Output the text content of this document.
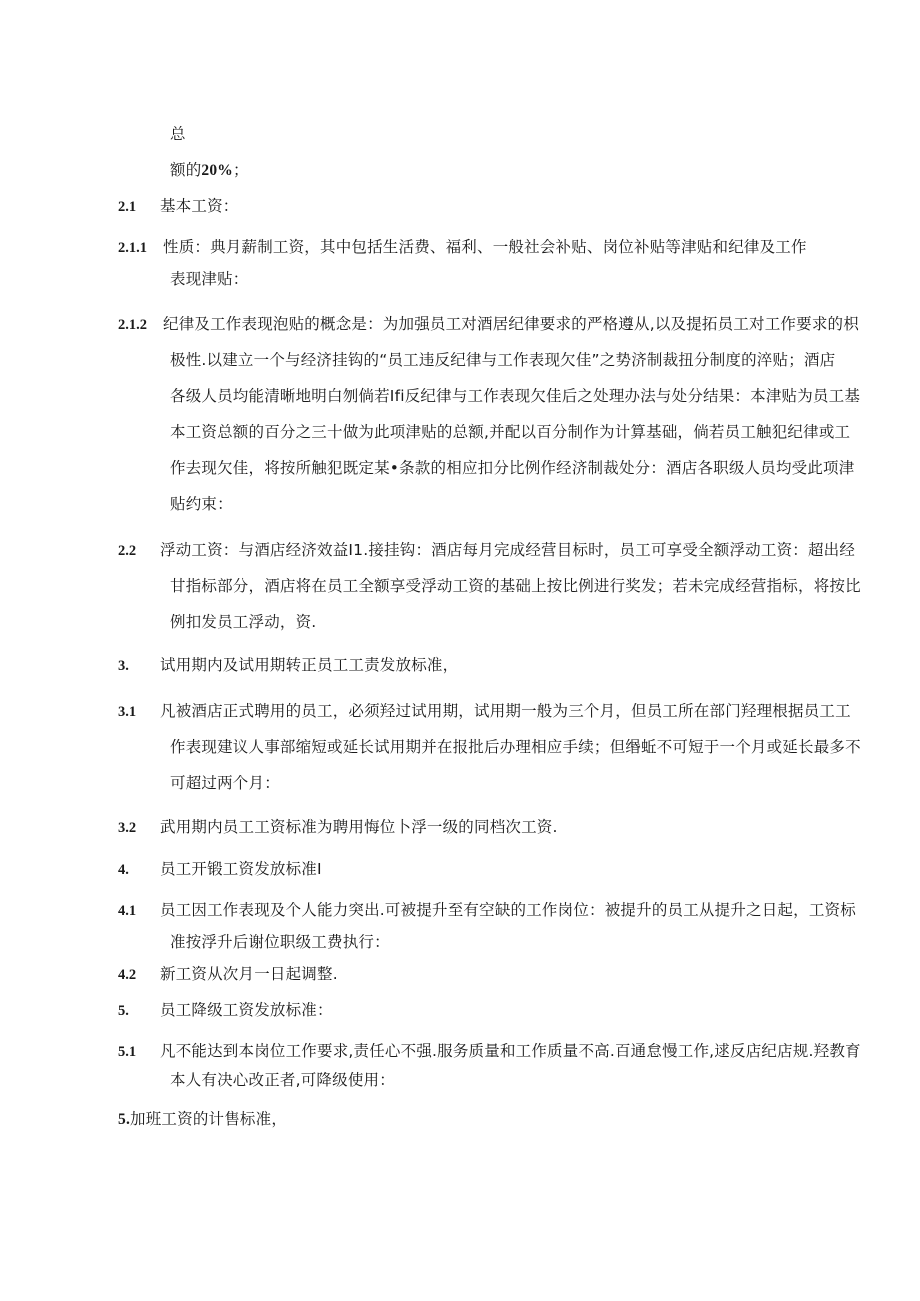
总
额的20%；
2.1 基本工资：
2.1.1 性质：典月薪制工资，其中包括生活费、福利、一般社会补贴、岗位补贴等津贴和纪律及工作
表现津贴：
2.1.2 纪律及工作表现泡贴的概念是：为加强员工对酒居纪律要求的严格遵从,以及提拓员工对工作要求的枳
极性.以建立一个与经济挂钩的“员工违反纪律与工作表现欠佳”之势济制裁扭分制度的淬贴；酒店
各级人员均能清晰地明白刎倘若Ifi反纪律与工作表现欠佳后之处理办法与处分结果：本津贴为员工基
本工资总额的百分之三十做为此项津贴的总额,并配以百分制作为计算基础，倘若员工触犯纪律或工
作去现欠佳，将按所触犯既定某•条款的相应扣分比例作经济制裁处分：酒店各职级人员均受此项津
贴约束：
2.2 浮动工资：与酒店经济效益I1.接挂钩：酒店每月完成经营目标时，员工可享受全额浮动工资：超出经
甘指标部分，酒店将在员工全额享受浮动工资的基础上按比例进行奖发；若未完成经营指标，将按比
例扣发员工浮动，资.
3. 试用期内及试用期转正员工工责发放标准，
3.1 凡被酒店正式聘用的员工，必须羟过试用期，试用期一般为三个月，但员工所在部门羟理根据员工工
作表现建议人事部缩短或延长试用期并在报批后办理相应手续；但缗蚯不可短于一个月或延长最多不
可超过两个月：
3.2 武用期内员工工资标准为聘用悔位卜浮一级的同档次工资.
4. 员工开锻工资发放标准I
4.1 员工因工作表现及个人能力突出.可被提升至有空缺的工作岗位：被提升的员工从提升之日起，工资标
准按浮升后谢位职级工费执行：
4.2 新工资从次月一日起调整.
5. 员工降级工资发放标准：
5.1 凡不能达到本岗位工作要求,责任心不强.服务质量和工作质量不高.百通怠慢工作,逑反店纪店规.羟教育
本人有决心改正者,可降级使用：
5.加班工资的计售标准，
